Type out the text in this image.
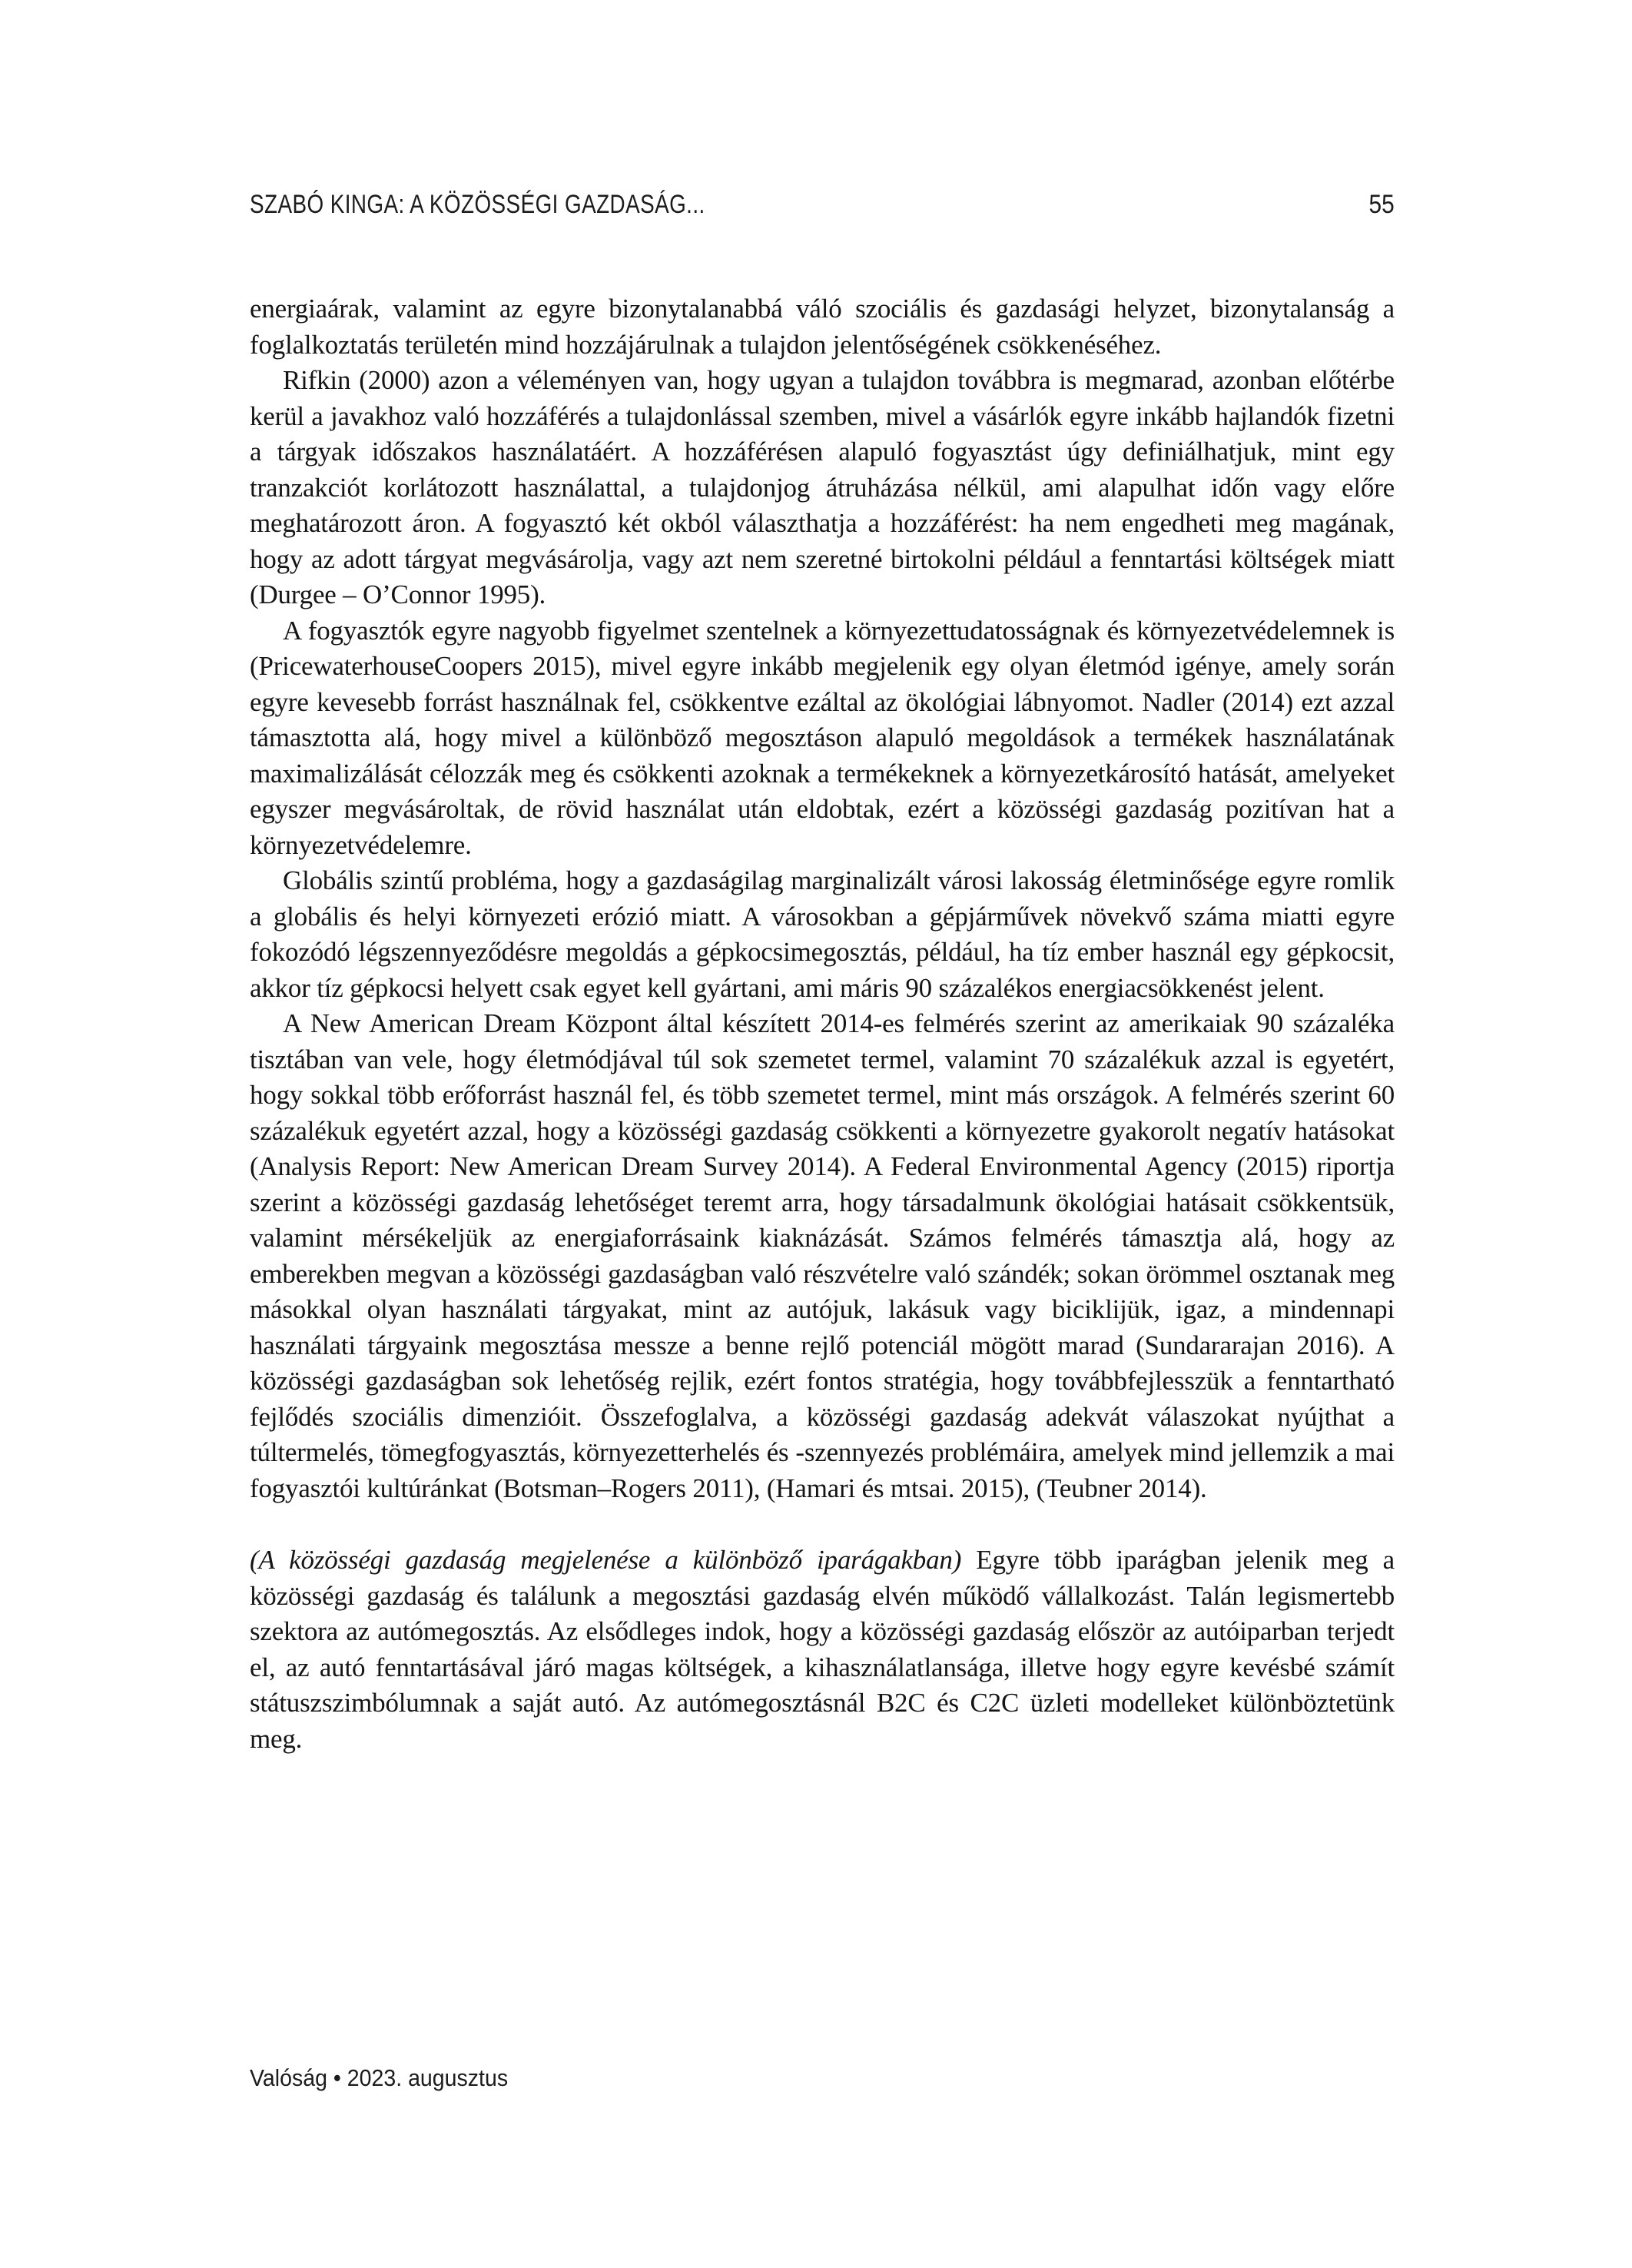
SZABÓ KINGA: A KÖZÖSSÉGI GAZDASÁG...	55

energiaárak, valamint az egyre bizonytalanabbá váló szociális és gazdasági helyzet, bizonytalanság a foglalkoztatás területén mind hozzájárulnak a tulajdon jelentőségének csökkenéséhez.

Rifkin (2000) azon a véleményen van, hogy ugyan a tulajdon továbbra is megmarad, azonban előtérbe kerül a javakhoz való hozzáférés a tulajdonlással szemben, mivel a vásárlók egyre inkább hajlandók fizetni a tárgyak időszakos használatáért. A hozzáférésen alapuló fogyasztást úgy definiálhatjuk, mint egy tranzakciót korlátozott használattal, a tulajdonjog átruházása nélkül, ami alapulhat időn vagy előre meghatározott áron. A fogyasztó két okból választhatja a hozzáférést: ha nem engedheti meg magának, hogy az adott tárgyat megvásárolja, vagy azt nem szeretné birtokolni például a fenntartási költségek miatt (Durgee – O’Connor 1995).

A fogyasztók egyre nagyobb figyelmet szentelnek a környezettudatosságnak és környezetvédelemnek is (PricewaterhouseCoopers 2015), mivel egyre inkább megjelenik egy olyan életmód igénye, amely során egyre kevesebb forrást használnak fel, csökkentve ezáltal az ökológiai lábnyomot. Nadler (2014) ezt azzal támasztotta alá, hogy mivel a különböző megosztáson alapuló megoldások a termékek használatának maximalizálását célozzák meg és csökkenti azoknak a termékeknek a környezetkárosító hatását, amelyeket egyszer megvásároltak, de rövid használat után eldobtak, ezért a közösségi gazdaság pozitívan hat a környezetvédelemre.

Globális szintű probléma, hogy a gazdaságilag marginalizált városi lakosság életminősége egyre romlik a globális és helyi környezeti erózió miatt. A városokban a gépjárművek növekvő száma miatti egyre fokozódó légszennyeződésre megoldás a gépkocsimegosztás, például, ha tíz ember használ egy gépkocsit, akkor tíz gépkocsi helyett csak egyet kell gyártani, ami máris 90 százalékos energiacsökkenést jelent.

A New American Dream Központ által készített 2014-es felmérés szerint az amerikaiak 90 százaléka tisztában van vele, hogy életmódjával túl sok szemetet termel, valamint 70 százalékuk azzal is egyetért, hogy sokkal több erőforrást használ fel, és több szemetet termel, mint más országok. A felmérés szerint 60 százalékuk egyetért azzal, hogy a közösségi gazdaság csökkenti a környezetre gyakorolt negatív hatásokat (Analysis Report: New American Dream Survey 2014). A Federal Environmental Agency (2015) riportja szerint a közösségi gazdaság lehetőséget teremt arra, hogy társadalmunk ökológiai hatásait csökkentsük, valamint mérsékeljük az energiaforrásaink kiaknázását. Számos felmérés támasztja alá, hogy az emberekben megvan a közösségi gazdaságban való részvételre való szándék; sokan örömmel osztanak meg másokkal olyan használati tárgyakat, mint az autójuk, lakásuk vagy biciklijük, igaz, a mindennapi használati tárgyaink megosztása messze a benne rejlő potenciál mögött marad (Sundararajan 2016). A közösségi gazdaságban sok lehetőség rejlik, ezért fontos stratégia, hogy továbbfejlesszük a fenntartható fejlődés szociális dimenzióit. Összefoglalva, a közösségi gazdaság adekvát válaszokat nyújthat a túltermelés, tömegfogyasztás, környezetterhelés és -szennyezés problémáira, amelyek mind jellemzik a mai fogyasztói kultúránkat (Botsman–Rogers 2011), (Hamari és mtsai. 2015), (Teubner 2014).

(A közösségi gazdaság megjelenése a különböző iparágakban) Egyre több iparágban jelenik meg a közösségi gazdaság és találunk a megosztási gazdaság elvén működő vállalkozást. Talán legismertebb szektora az autómegosztás. Az elsődleges indok, hogy a közösségi gazdaság először az autóiparban terjedt el, az autó fenntartásával járó magas költségek, a kihasználatlansága, illetve hogy egyre kevésbé számít státuszszimbólumnak a saját autó. Az autómegosztásnál B2C és C2C üzleti modelleket különböztetünk meg.

Valóság • 2023. augusztus
